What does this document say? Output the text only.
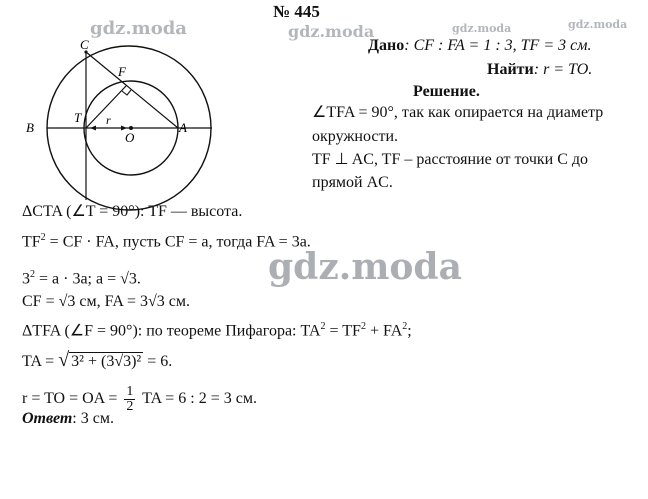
gdz.moda	gdz.moda	gdz.moda	gdz.moda
gdz.moda
№ 445
C
F
B
T r
O
A
Дано: CF : FA = 1 : 3, TF = 3 см.
Найти: r = TO.
Решение.
∠TFA = 90°, так как опирается на диаметр
окружности.
TF ⊥ AC, TF – расстояние от точки C до
прямой AC.
ΔCTA (∠T = 90°): TF — высота.
$TF^2$ = CF · FA, пусть CF = a, тогда FA = 3a.
$3^2 = a \cdot 3a$; a = √3.
CF = √3 см, FA = 3√3 см.
ΔTFA (∠F = 90°): по теореме Пифагора: $TA^2 = TF^2 + FA^2$;
TA = √ 3² + (3√3)² = 6.
r = TO = OA = $\frac{1}{2}$ TA = 6 : 2 = 3 см.
Ответ: 3 см.
